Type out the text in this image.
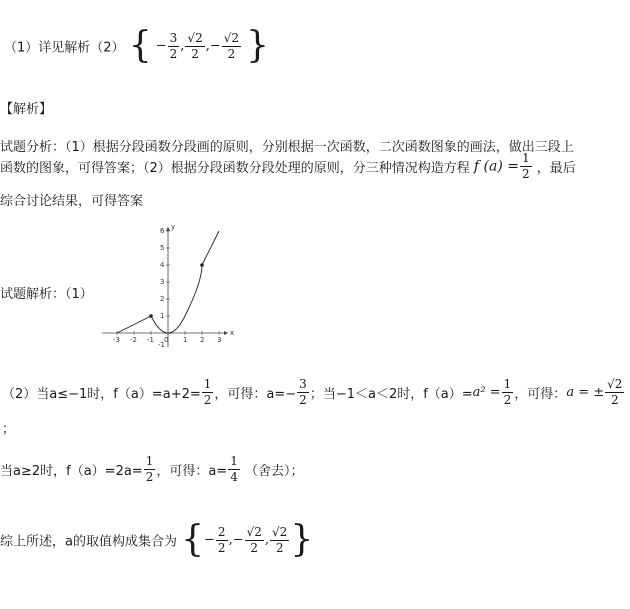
（1）详见解析（2） { − $\frac{3}{2}$ , $\frac{√2}{2}$ ,− $\frac{√2}{2}$ }
【解析】
试题分析：（1）根据分段函数分段画的原则，分别根据一次函数，二次函数图象的画法，做出三段上
函数的图象，可得答案；（2）根据分段函数分段处理的原则，分三种情况构造方程 f $(a) = \frac{1}{2}$ ，最后
综合讨论结果，可得答案
试题解析：（1）
x
y
-3 -2 -1 0 1 2 3
6
5
4
3
2
1
-1
（2）当a≤−1时，$f(a)=a+2= \frac{1}{2}$ ，可得：$a=- \frac{3}{2}$ ；当−1＜a＜2时，$f(a)=a^2 = \frac{1}{2}$ ，可得：a = ± $\frac{√2}{2}$
；
当a≥2时，$f(a)=2a= \frac{1}{2}$ ，可得：$a= \frac{1}{4}$ （舍去）；
综上所述，a的取值构成集合为 {− $\frac{2}{2}$ ,− $\frac{√2}{2}$ , $\frac{√2}{2}$ }
